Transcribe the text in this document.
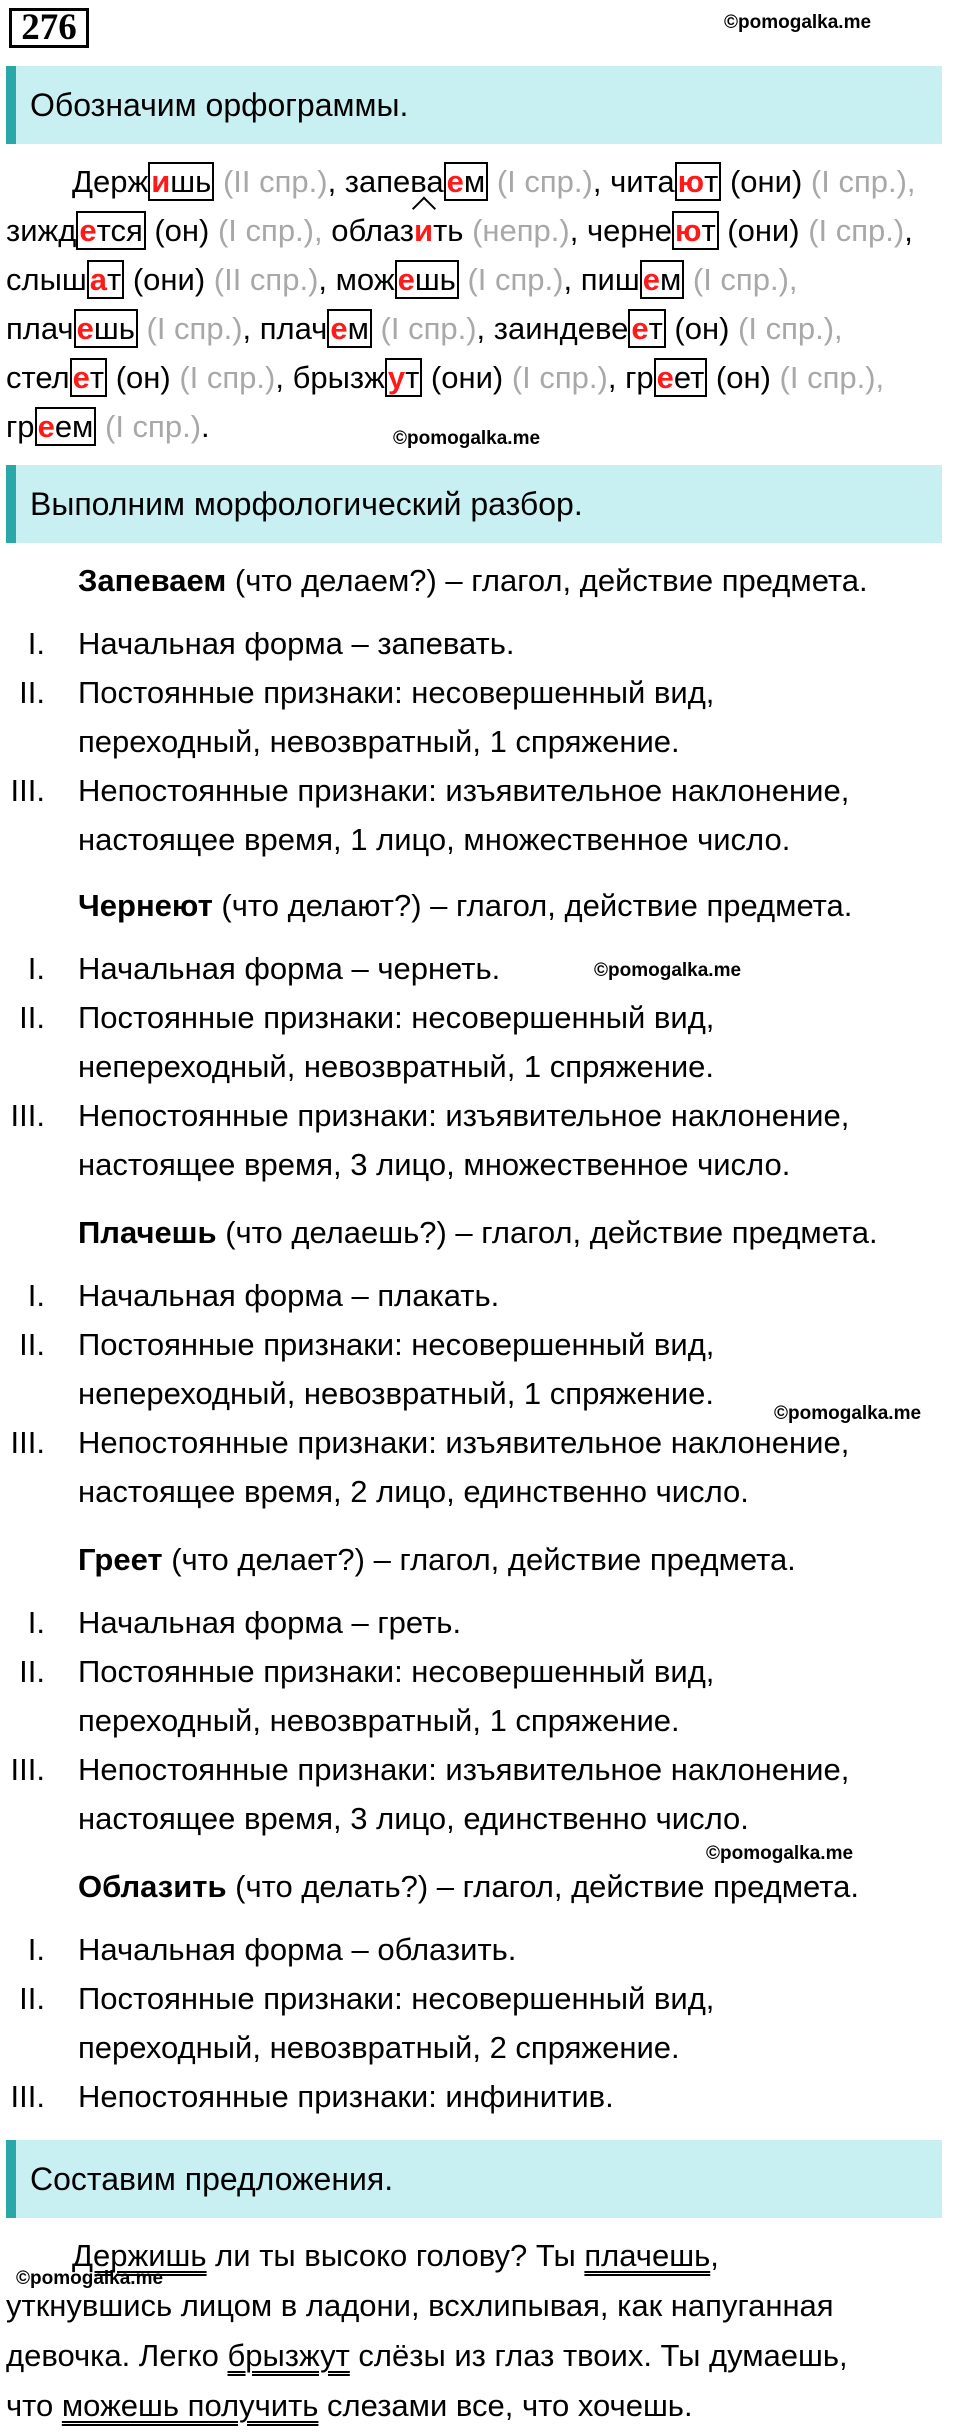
276	©pomogalka.me
Обозначим орфограммы.
Держишь (II спр.), запеваем (I спр.), читают (они) (I спр.),
зиждется (он) (I спр.), облазить (непр.), чернеют (они) (I спр.), слышат (они) (II спр.), можешь (I спр.), пишем (I спр.),
плачешь (I спр.), плачем (I спр.), заиндевеет (он) (I спр.),
стелет (он) (I спр.), брызжут (они) (I спр.), греет (он) (I спр.),
греем (I спр.).	©pomogalka.me
Выполним морфологический разбор.
Запеваем (что делаем?) – глагол, действие предмета.
I. Начальная форма – запевать.
II. Постоянные признаки: несовершенный вид,
переходный, невозвратный, 1 спряжение.
III. Непостоянные признаки: изъявительное наклонение,
настоящее время, 1 лицо, множественное число.
Чернеют (что делают?) – глагол, действие предмета.
I. Начальная форма – чернеть.	©pomogalka.me
II. Постоянные признаки: несовершенный вид,
непереходный, невозвратный, 1 спряжение.
III. Непостоянные признаки: изъявительное наклонение,
настоящее время, 3 лицо, множественное число.
Плачешь (что делаешь?) – глагол, действие предмета.
I. Начальная форма – плакать.
II. Постоянные признаки: несовершенный вид,
непереходный, невозвратный, 1 спряжение.
©pomogalka.me
III. Непостоянные признаки: изъявительное наклонение,
настоящее время, 2 лицо, единственно число.
Греет (что делает?) – глагол, действие предмета.
I. Начальная форма – греть.
II. Постоянные признаки: несовершенный вид,
переходный, невозвратный, 1 спряжение.
III. Непостоянные признаки: изъявительное наклонение,
настоящее время, 3 лицо, единственно число.
©pomogalka.me
Облазить (что делать?) – глагол, действие предмета.
I. Начальная форма – облазить.
II. Постоянные признаки: несовершенный вид,
переходный, невозвратный, 2 спряжение.
III. Непостоянные признаки: инфинитив.
Составим предложения.
Держишь ли ты высоко голову? Ты плачешь,
уткнувшись лицом в ладони, всхлипывая, как напуганная
девочка. Легко брызжут слёзы из глаз твоих. Ты думаешь,
что можешь получить слезами все, что хочешь.
©pomogalka.me
